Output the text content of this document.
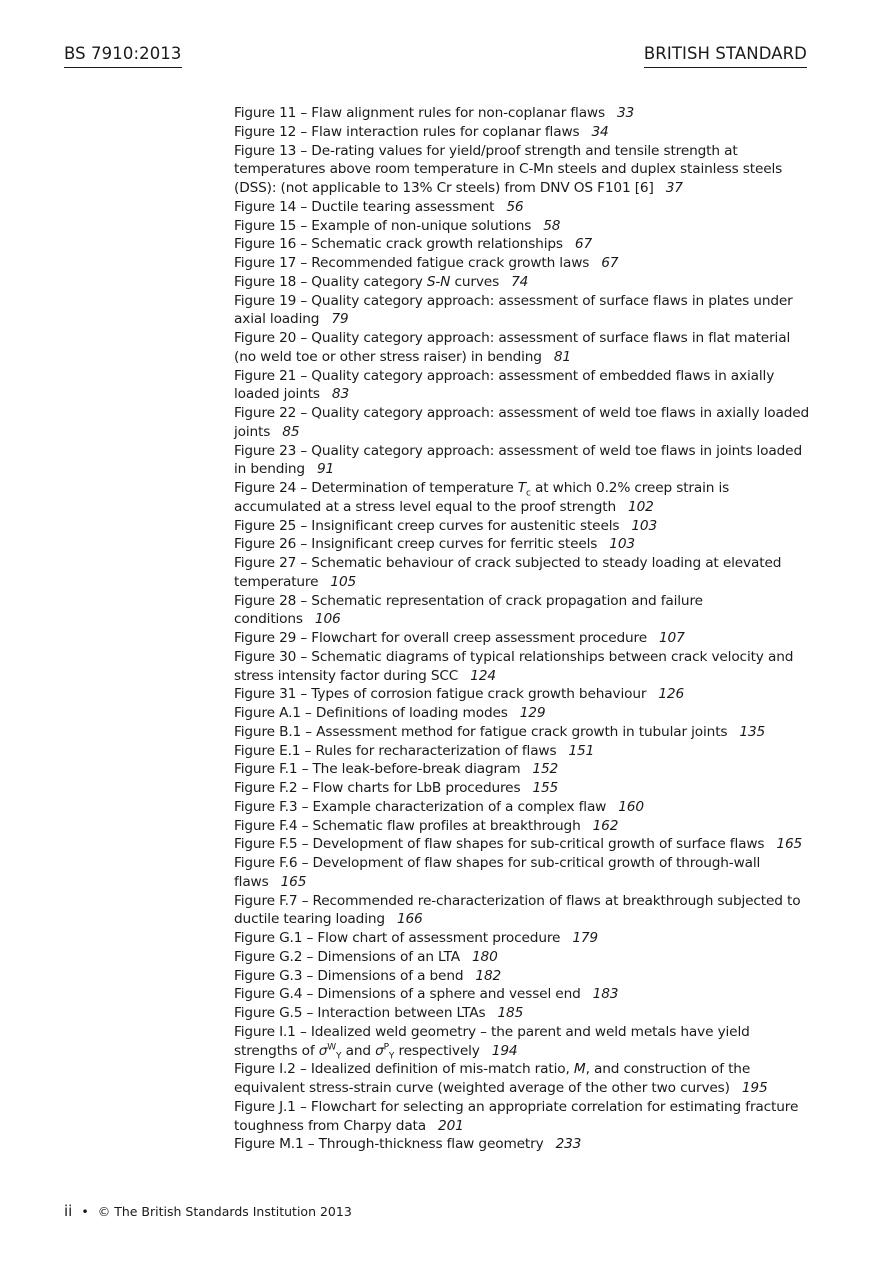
BS 7910:2013	BRITISH STANDARD
Figure 11 – Flaw alignment rules for non-coplanar flaws 33
Figure 12 – Flaw interaction rules for coplanar flaws 34
Figure 13 – De-rating values for yield/proof strength and tensile strength at temperatures above room temperature in C-Mn steels and duplex stainless steels (DSS): (not applicable to 13% Cr steels) from DNV OS F101 [6] 37
Figure 14 – Ductile tearing assessment 56
Figure 15 – Example of non-unique solutions 58
Figure 16 – Schematic crack growth relationships 67
Figure 17 – Recommended fatigue crack growth laws 67
Figure 18 – Quality category S-N curves 74
Figure 19 – Quality category approach: assessment of surface flaws in plates under axial loading 79
Figure 20 – Quality category approach: assessment of surface flaws in flat material (no weld toe or other stress raiser) in bending 81
Figure 21 – Quality category approach: assessment of embedded flaws in axially loaded joints 83
Figure 22 – Quality category approach: assessment of weld toe flaws in axially loaded joints 85
Figure 23 – Quality category approach: assessment of weld toe flaws in joints loaded in bending 91
Figure 24 – Determination of temperature $T_c$ at which 0.2% creep strain is accumulated at a stress level equal to the proof strength 102
Figure 25 – Insignificant creep curves for austenitic steels 103
Figure 26 – Insignificant creep curves for ferritic steels 103
Figure 27 – Schematic behaviour of crack subjected to steady loading at elevated temperature 105
Figure 28 – Schematic representation of crack propagation and failure conditions 106
Figure 29 – Flowchart for overall creep assessment procedure 107
Figure 30 – Schematic diagrams of typical relationships between crack velocity and stress intensity factor during SCC 124
Figure 31 – Types of corrosion fatigue crack growth behaviour 126
Figure A.1 – Definitions of loading modes 129
Figure B.1 – Assessment method for fatigue crack growth in tubular joints 135
Figure E.1 – Rules for recharacterization of flaws 151
Figure F.1 – The leak-before-break diagram 152
Figure F.2 – Flow charts for LbB procedures 155
Figure F.3 – Example characterization of a complex flaw 160
Figure F.4 – Schematic flaw profiles at breakthrough 162
Figure F.5 – Development of flaw shapes for sub-critical growth of surface flaws 165
Figure F.6 – Development of flaw shapes for sub-critical growth of through-wall flaws 165
Figure F.7 – Recommended re-characterization of flaws at breakthrough subjected to ductile tearing loading 166
Figure G.1 – Flow chart of assessment procedure 179
Figure G.2 – Dimensions of an LTA 180
Figure G.3 – Dimensions of a bend 182
Figure G.4 – Dimensions of a sphere and vessel end 183
Figure G.5 – Interaction between LTAs 185
Figure I.1 – Idealized weld geometry – the parent and weld metals have yield strengths of $\sigma^W_Y$ and $\sigma^P_Y$ respectively 194
Figure I.2 – Idealized definition of mis-match ratio, M, and construction of the equivalent stress-strain curve (weighted average of the other two curves) 195
Figure J.1 – Flowchart for selecting an appropriate correlation for estimating fracture toughness from Charpy data 201
Figure M.1 – Through-thickness flaw geometry 233
ii • © The British Standards Institution 2013
